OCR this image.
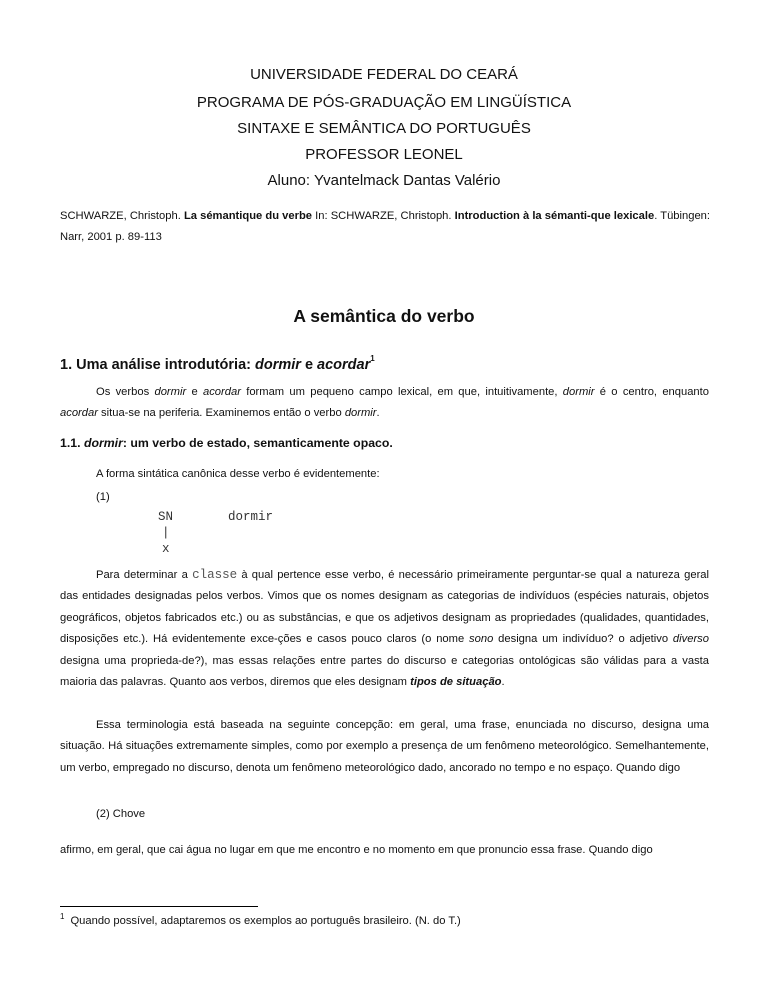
UNIVERSIDADE FEDERAL DO CEARÁ
PROGRAMA DE PÓS-GRADUAÇÃO EM LINGÜÍSTICA
SINTAXE E SEMÂNTICA DO PORTUGUÊS
PROFESSOR LEONEL
Aluno: Yvantelmack Dantas Valério
SCHWARZE, Christoph. La sémantique du verbe In: SCHWARZE, Christoph. Introduction à la sémanti-que lexicale. Tübingen: Narr, 2001 p. 89-113
A semântica do verbo
1. Uma análise introdutória: dormir e acordar$^1$
Os verbos dormir e acordar formam um pequeno campo lexical, em que, intuitivamente, dormir é o centro, enquanto acordar situa-se na periferia. Examinemos então o verbo dormir.
1.1. dormir: um verbo de estado, semanticamente opaco.
A forma sintática canônica desse verbo é evidentemente:
(1)
SN	dormir
|
x
Para determinar a classe à qual pertence esse verbo, é necessário primeiramente perguntar-se qual a natureza geral das entidades designadas pelos verbos. Vimos que os nomes designam as categorias de indivíduos (espécies naturais, objetos geográficos, objetos fabricados etc.) ou as substâncias, e que os adjetivos designam as propriedades (qualidades, quantidades, disposições etc.). Há evidentemente exce-ções e casos pouco claros (o nome sono designa um indivíduo? o adjetivo diverso designa uma proprieda-de?), mas essas relações entre partes do discurso e categorias ontológicas são válidas para a vasta maioria das palavras. Quanto aos verbos, diremos que eles designam tipos de situação.
Essa terminologia está baseada na seguinte concepção: em geral, uma frase, enunciada no discurso, designa uma situação. Há situações extremamente simples, como por exemplo a presença de um fenômeno meteorológico. Semelhantemente, um verbo, empregado no discurso, denota um fenômeno meteorológico dado, ancorado no tempo e no espaço. Quando digo
(2) Chove
afirmo, em geral, que cai água no lugar em que me encontro e no momento em que pronuncio essa frase. Quando digo
$^1$ Quando possível, adaptaremos os exemplos ao português brasileiro. (N. do T.)
